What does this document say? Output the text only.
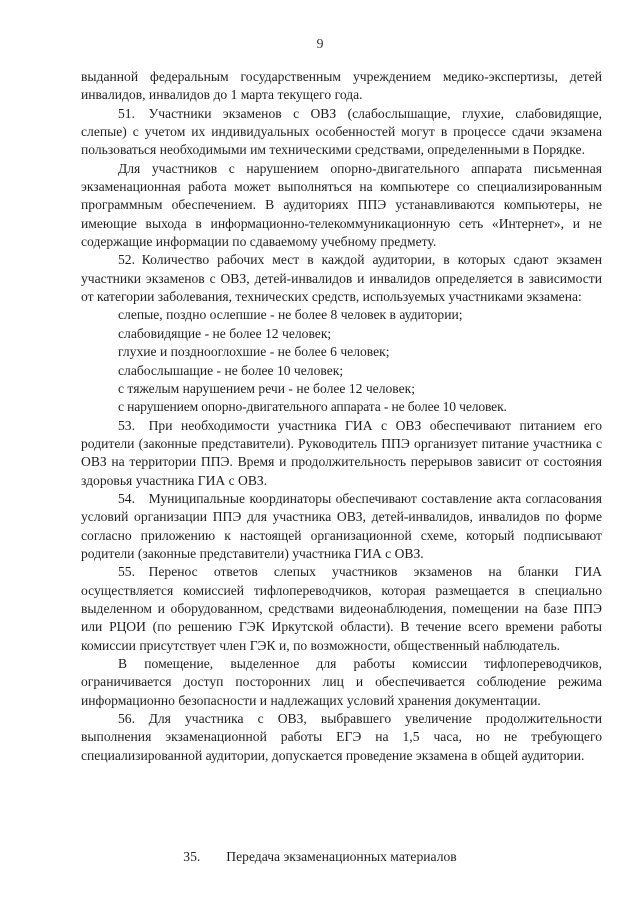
9

выданной федеральным государственным учреждением медико-экспертизы, детей инвалидов, инвалидов до 1 марта текущего года.

51. Участники экзаменов с ОВЗ (слабослышащие, глухие, слабовидящие, слепые) с учетом их индивидуальных особенностей могут в процессе сдачи экзамена пользоваться необходимыми им техническими средствами, определенными в Порядке.

Для участников с нарушением опорно-двигательного аппарата письменная экзаменационная работа может выполняться на компьютере со специализированным программным обеспечением. В аудиториях ППЭ устанавливаются компьютеры, не имеющие выхода в информационно-телекоммуникационную сеть «Интернет», и не содержащие информации по сдаваемому учебному предмету.

52. Количество рабочих мест в каждой аудитории, в которых сдают экзамен участники экзаменов с ОВЗ, детей-инвалидов и инвалидов определяется в зависимости от категории заболевания, технических средств, используемых участниками экзамена:

слепые, поздно ослепшие - не более 8 человек в аудитории;

слабовидящие - не более 12 человек;

глухие и позднооглохшие - не более 6 человек;

слабослышащие - не более 10 человек;

с тяжелым нарушением речи - не более 12 человек;

с нарушением опорно-двигательного аппарата - не более 10 человек.

53. При необходимости участника ГИА с ОВЗ обеспечивают питанием его родители (законные представители). Руководитель ППЭ организует питание участника с ОВЗ на территории ППЭ. Время и продолжительность перерывов зависит от состояния здоровья участника ГИА с ОВЗ.

54. Муниципальные координаторы обеспечивают составление акта согласования условий организации ППЭ для участника ОВЗ, детей-инвалидов, инвалидов по форме согласно приложению к настоящей организационной схеме, который подписывают родители (законные представители) участника ГИА с ОВЗ.

55. Перенос ответов слепых участников экзаменов на бланки ГИА осуществляется комиссией тифлопереводчиков, которая размещается в специально выделенном и оборудованном, средствами видеонаблюдения, помещении на базе ППЭ или РЦОИ (по решению ГЭК Иркутской области). В течение всего времени работы комиссии присутствует член ГЭК и, по возможности, общественный наблюдатель.

В помещение, выделенное для работы комиссии тифлопереводчиков, ограничивается доступ посторонних лиц и обеспечивается соблюдение режима информационно безопасности и надлежащих условий хранения документации.

56. Для участника с ОВЗ, выбравшего увеличение продолжительности выполнения экзаменационной работы ЕГЭ на 1,5 часа, но не требующего специализированной аудитории, допускается проведение экзамена в общей аудитории.

35. Передача экзаменационных материалов
